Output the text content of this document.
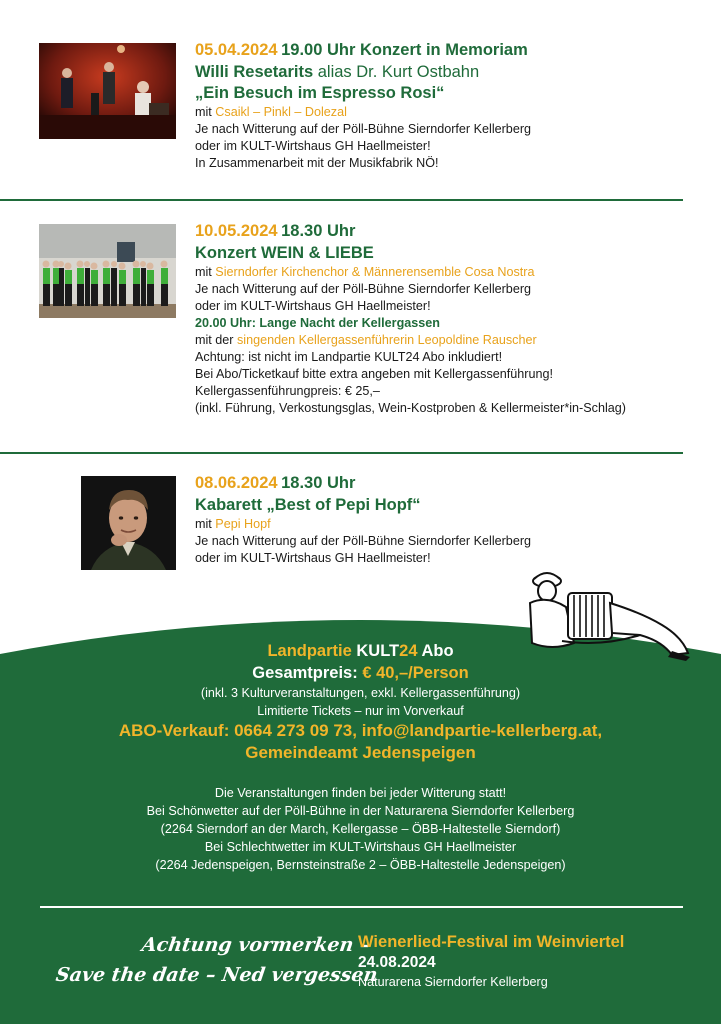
05.04.2024 19.00 Uhr Konzert in Memoriam
Willi Resetarits alias Dr. Kurt Ostbahn
„Ein Besuch im Espresso Rosi“
mit Csaikl – Pinkl – Dolezal
Je nach Witterung auf der Pöll-Bühne Sierndorfer Kellerberg
oder im KULT-Wirtshaus GH Haellmeister!
In Zusammenarbeit mit der Musikfabrik NÖ!
10.05.2024 18.30 Uhr
Konzert WEIN & LIEBE
mit Sierndorfer Kirchenchor & Männerensemble Cosa Nostra
Je nach Witterung auf der Pöll-Bühne Sierndorfer Kellerberg
oder im KULT-Wirtshaus GH Haellmeister!
20.00 Uhr: Lange Nacht der Kellergassen
mit der singenden Kellergassenführerin Leopoldine Rauscher
Achtung: ist nicht im Landpartie KULT24 Abo inkludiert!
Bei Abo/Ticketkauf bitte extra angeben mit Kellergassenführung!
Kellergassenführungpreis: € 25,–
(inkl. Führung, Verkostungsglas, Wein-Kostproben & Kellermeister*in-Schlag)
08.06.2024 18.30 Uhr
Kabarett „Best of Pepi Hopf“
mit Pepi Hopf
Je nach Witterung auf der Pöll-Bühne Sierndorfer Kellerberg
oder im KULT-Wirtshaus GH Haellmeister!
Landpartie KULT24 Abo
Gesamtpreis: € 40,–/Person
(inkl. 3 Kulturveranstaltungen, exkl. Kellergassenführung)
Limitierte Tickets – nur im Vorverkauf
ABO-Verkauf: 0664 273 09 73, info@landpartie-kellerberg.at,
Gemeindeamt Jedenspeigen
Die Veranstaltungen finden bei jeder Witterung statt!
Bei Schönwetter auf der Pöll-Bühne in der Naturarena Sierndorfer Kellerberg
(2264 Sierndorf an der March, Kellergasse – ÖBB-Haltestelle Sierndorf)
Bei Schlechtwetter im KULT-Wirtshaus GH Haellmeister
(2264 Jedenspeigen, Bernsteinstraße 2 – ÖBB-Haltestelle Jedenspeigen)
Achtung vormerken –
Save the date – Ned vergessen
Wienerlied-Festival im Weinviertel
24.08.2024
Naturarena Sierndorfer Kellerberg
